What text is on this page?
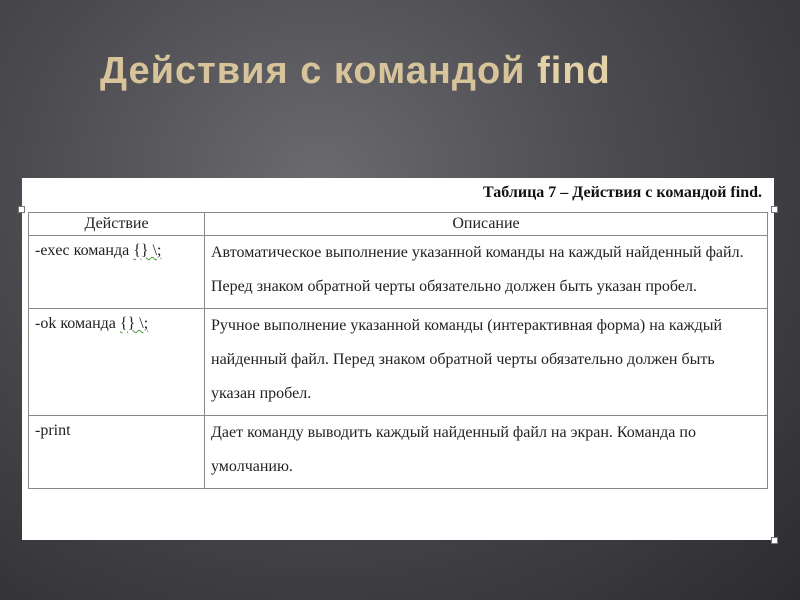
Действия с командой find
Таблица 7 – Действия с командой find.
Действие	Описание
-exec команда {} \;	Автоматическое выполнение указанной команды на каждый найденный файл. Перед знаком обратной черты обязательно должен быть указан пробел.
-ok команда {} \;	Ручное выполнение указанной команды (интерактивная форма) на каждый найденный файл. Перед знаком обратной черты обязательно должен быть указан пробел.
-print	Дает команду выводить каждый найденный файл на экран. Команда по умолчанию.
